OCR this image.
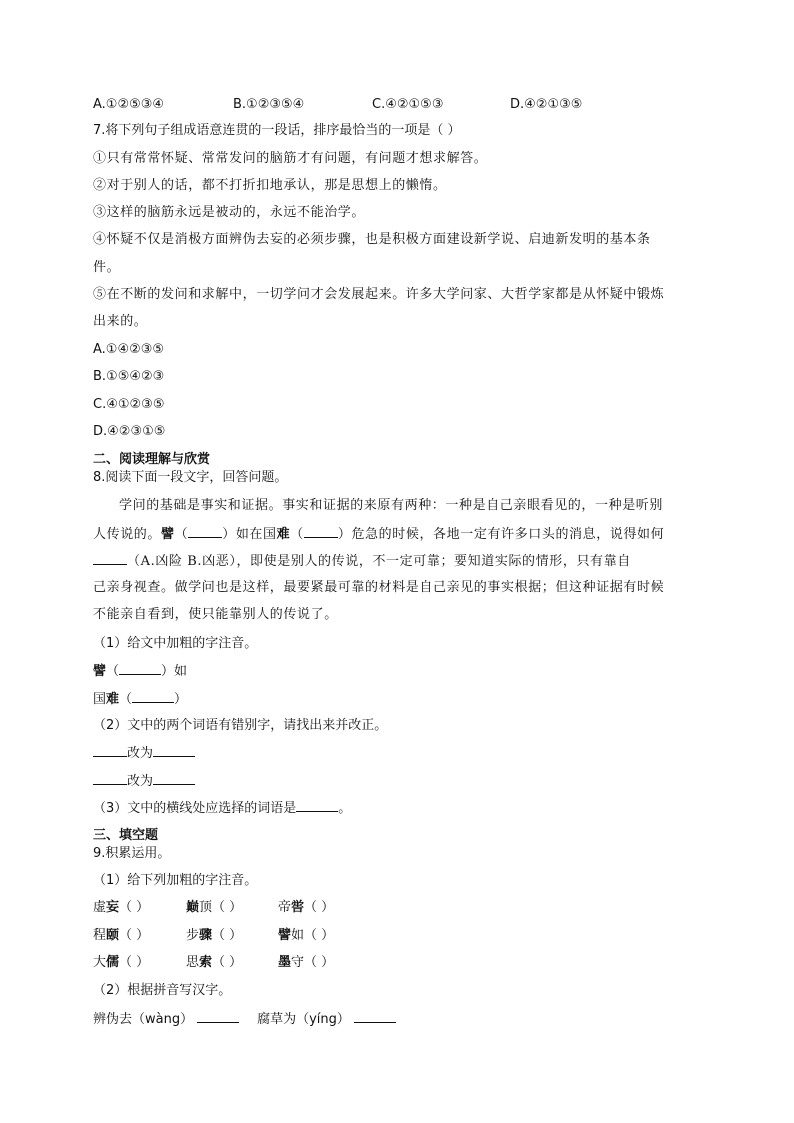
A.①②⑤③④	B.①②③⑤④	C.④②①⑤③	D.④②①③⑤
7.将下列句子组成语意连贯的一段话，排序最恰当的一项是（ ）
①只有常常怀疑、常常发问的脑筋才有问题，有问题才想求解答。
②对于别人的话，都不打折扣地承认，那是思想上的懒惰。
③这样的脑筋永远是被动的，永远不能治学。
④怀疑不仅是消极方面辨伪去妄的必须步骤，也是积极方面建设新学说、启迪新发明的基本条
件。
⑤在不断的发问和求解中，一切学问才会发展起来。许多大学问家、大哲学家都是从怀疑中锻炼
出来的。
A.①④②③⑤
B.①⑤④②③
C.④①②③⑤
D.④②③①⑤
二、阅读理解与欣赏
8.阅读下面一段文字，回答问题。
学问的基础是事实和证据。事实和证据的来原有两种：一种是自己亲眼看见的，一种是听别
人传说的。譬（	）如在国难（	）危急的时候，各地一定有许多口头的消息，说得如何
（A.凶险 B.凶恶），即使是别人的传说，不一定可靠；要知道实际的情形，只有靠自
己亲身视查。做学问也是这样，最要紧最可靠的材料是自己亲见的事实根据；但这种证据有时候
不能亲自看到，使只能靠别人的传说了。
（1）给文中加粗的字注音。
譬（	）如
国难（	）
（2）文中的两个词语有错别字，请找出来并改正。
改为
改为
（3）文中的横线处应选择的词语是	。
三、填空题
9.积累运用。
（1）给下列加粗的字注音。
虚妄（ ）	巅顶（ ）	帝喾（ ）
程颐（ ）	步骤（ ）	譬如（ ）
大儒（ ）	思索（ ）	墨守（ ）
（2）根据拼音写汉字。
辨伪去（wàng）	腐草为（yíng）
